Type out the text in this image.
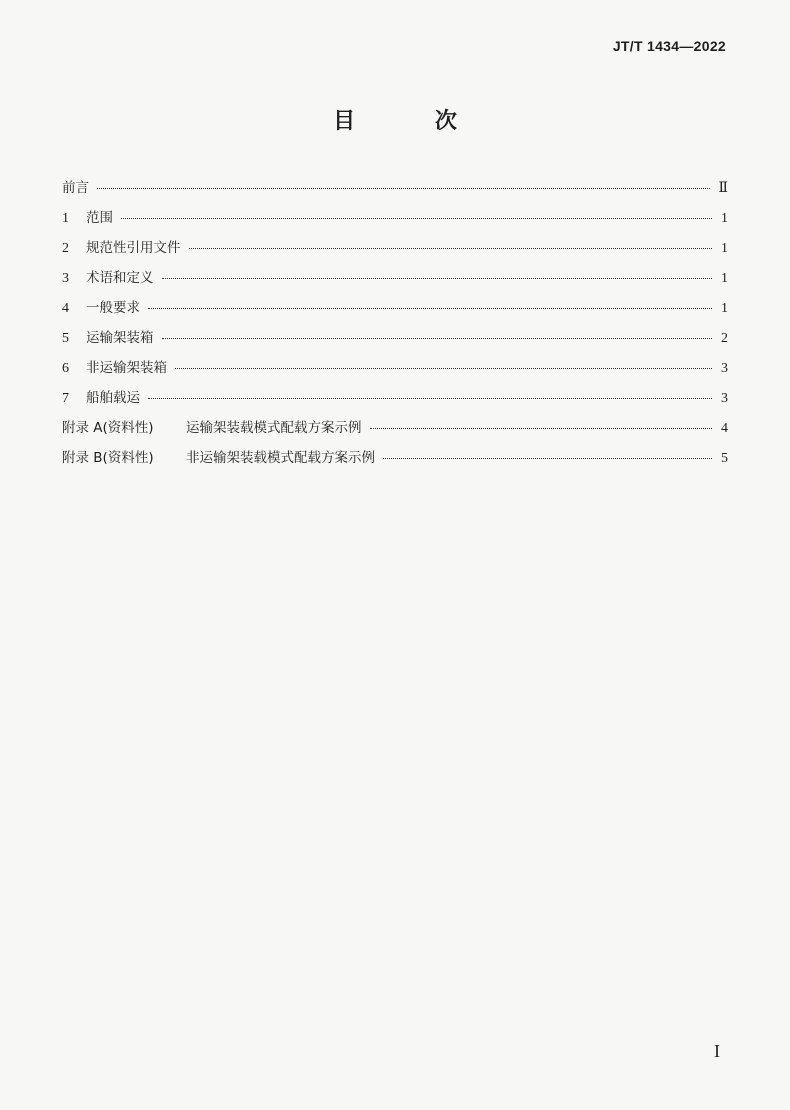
JT/T 1434—2022
目 次
前言	Ⅱ
1	范围	1
2	规范性引用文件	1
3	术语和定义	1
4	一般要求	1
5	运输架装箱	2
6	非运输架装箱	3
7	船舶载运	3
附录 A(资料性)	运输架装载模式配载方案示例	4
附录 B(资料性)	非运输架装载模式配载方案示例	5
I
